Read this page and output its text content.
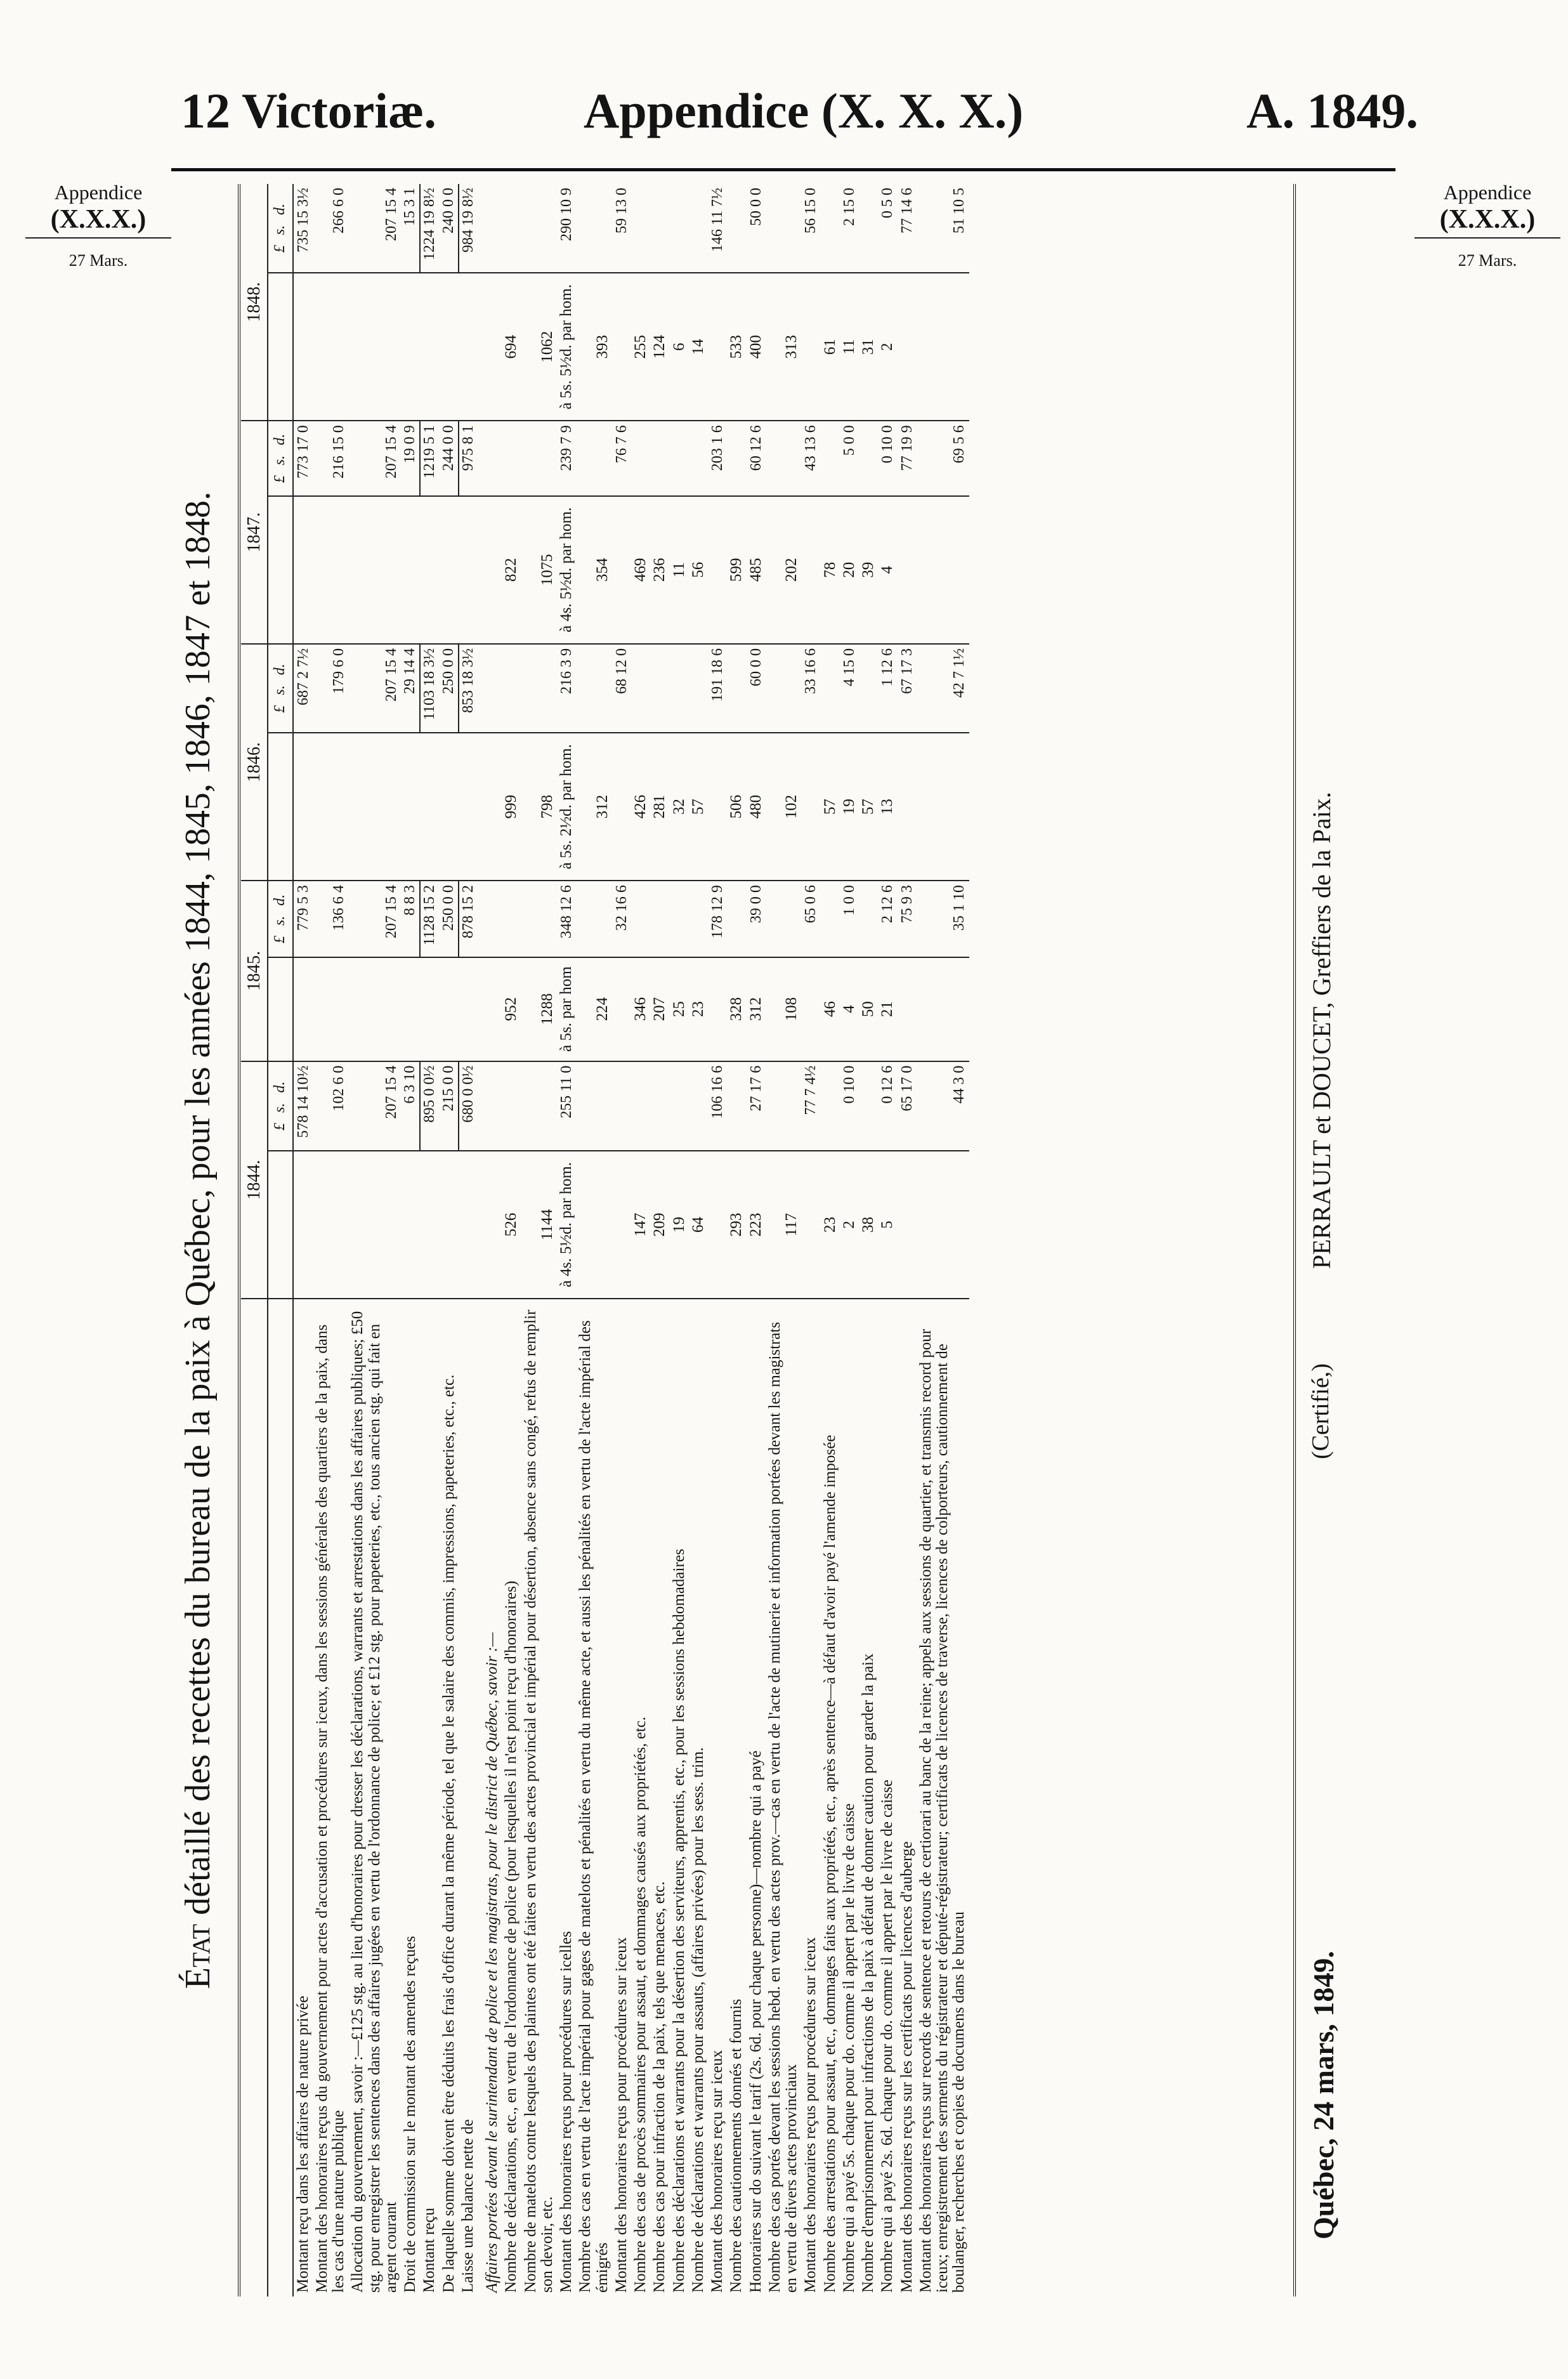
12 Victoriæ.	Appendice (X. X. X.)	A. 1849.
Appendice
(X.X.X.)
27 Mars.
Appendice
(X.X.X.)
27 Mars.
État détaillé des recettes du bureau de la paix à Québec, pour les années 1844, 1845, 1846, 1847 et 1848.
	1844.		1845.		1846.		1847.		1848.	
		£s.d.		£s.d.		£s.d.		£s.d.		£s.d.
Montant reçu dans les affaires de nature privée		578 14 10½		779 5 3		687 2 7½		773 17 0		735 15 3½
Montant des honoraires reçus du gouvernement pour actes d'accusation et procédures sur iceux, dans les sessions générales des quartiers de la paix, dans les cas d'une nature publique		102 6 0		136 6 4		179 6 0		216 15 0		266 6 0
Allocation du gouvernement, savoir :—£125 stg. au lieu d'honoraires pour dresser les déclarations, warrants et arrestations dans les affaires publiques; £50 stg. pour enregistrer les sentences dans des affaires jugées en vertu de l'ordonnance de police; et £12 stg. pour papeteries, etc., tous ancien stg. qui fait en argent courant		207 15 4		207 15 4		207 15 4		207 15 4		207 15 4
Droit de commission sur le montant des amendes reçues		6 3 10		8 8 3		29 14 4		19 0 9		15 3 1
Montant reçu		895 0 0½		1128 15 2		1103 18 3½		1219 5 1		1224 19 8½
De laquelle somme doivent être déduits les frais d'office durant la même période, tel que le salaire des commis, impressions, papeteries, etc., etc.		215 0 0		250 0 0		250 0 0		244 0 0		240 0 0
Laisse une balance nette de		680 0 0½		878 15 2		853 18 3½		975 8 1		984 19 8½
Affaires portées devant le surintendant de police et les magistrats, pour le district de Québec, savoir :—										
Nombre de déclarations, etc., en vertu de l'ordonnance de police (pour lesquelles il n'est point reçu d'honoraires)	526		952		999		822		694	
Nombre de matelots contre lesquels des plaintes ont été faites en vertu des actes provincial et impérial pour désertion, absence sans congé, refus de remplir son devoir, etc.	1144		1288		798		1075		1062	
Montant des honoraires reçus pour procédures sur icelles	à 4s. 5½d. par hom.	255 11 0	à 5s. par hom	348 12 6	à 5s. 2½d. par hom.	216 3 9	à 4s. 5½d. par hom.	239 7 9	à 5s. 5½d. par hom.	290 10 9
Nombre des cas en vertu de l'acte impérial pour gages de matelots et pénalités en vertu du même acte, et aussi les pénalités en vertu de l'acte impérial des émigrés			224		312		354		393	
Montant des honoraires reçus pour procédures sur iceux				32 16 6		68 12 0		76 7 6		59 13 0
Nombre des cas de procès sommaires pour assaut, et dommages causés aux propriétés, etc.	147		346		426		469		255	
Nombre des cas pour infraction de la paix, tels que menaces, etc.	209		207		281		236		124	
Nombre des déclarations et warrants pour la désertion des serviteurs, apprentis, etc., pour les sessions hebdomadaires	19		25		32		11		6	
Nombre de déclarations et warrants pour assauts, (affaires privées) pour les sess. trim.	64		23		57		56		14	
Montant des honoraires reçu sur iceux		106 16 6		178 12 9		191 18 6		203 1 6		146 11 7½
Nombre des cautionnements donnés et fournis	293		328		506		599		533	
Honoraires sur do suivant le tarif (2s. 6d. pour chaque personne)—nombre qui a payé	223	27 17 6	312	39 0 0	480	60 0 0	485	60 12 6	400	50 0 0
Nombre des cas portés devant les sessions hebd. en vertu des actes prov.—cas en vertu de l'acte de mutinerie et information portées devant les magistrats en vertu de divers actes provinciaux	117		108		102		202		313	
Montant des honoraires reçus pour procédures sur iceux		77 7 4½		65 0 6		33 16 6		43 13 6		56 15 0
Nombre des arrestations pour assaut, etc., dommages faits aux propriétés, etc., après sentence—à défaut d'avoir payé l'amende imposée	23		46		57		78		61	
Nombre qui a payé 5s. chaque pour do. comme il appert par le livre de caisse	2	0 10 0	4	1 0 0	19	4 15 0	20	5 0 0	11	2 15 0
Nombre d'emprisonnement pour infractions de la paix à défaut de donner caution pour garder la paix	38		50		57		39		31	
Nombre qui a payé 2s. 6d. chaque pour do. comme il appert par le livre de caisse	5	0 12 6	21	2 12 6	13	1 12 6	4	0 10 0	2	0 5 0
Montant des honoraires reçus sur les certificats pour licences d'auberge		65 17 0		75 9 3		67 17 3		77 19 9		77 14 6
Montant des honoraires reçus sur records de sentence et retours de certiorari au banc de la reine; appels aux sessions de quartier, et transmis record pour iceux; enregistrement des serments du régistrateur et député-régistrateur; certificats de licences de traverse, licences de colporteurs, cautionnement de boulanger, recherches et copies de documens dans le bureau		44 3 0		35 1 10		42 7 1½		69 5 6		51 10 5
Québec, 24 mars, 1849.
(Certifié,)
PERRAULT et DOUCET, Greffiers de la Paix.
